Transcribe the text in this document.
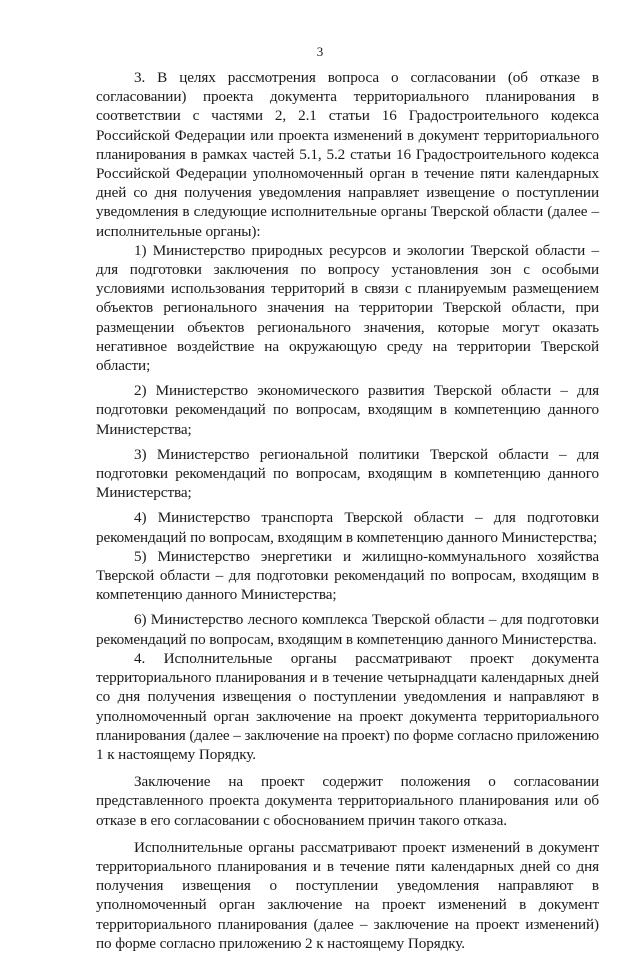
3

3. В целях рассмотрения вопроса о согласовании (об отказе в согласовании) проекта документа территориального планирования в соответствии с частями 2, 2.1 статьи 16 Градостроительного кодекса Российской Федерации или проекта изменений в документ территориального планирования в рамках частей 5.1, 5.2 статьи 16 Градостроительного кодекса Российской Федерации уполномоченный орган в течение пяти календарных дней со дня получения уведомления направляет извещение о поступлении уведомления в следующие исполнительные органы Тверской области (далее – исполнительные органы):

1) Министерство природных ресурсов и экологии Тверской области – для подготовки заключения по вопросу установления зон с особыми условиями использования территорий в связи с планируемым размещением объектов регионального значения на территории Тверской области, при размещении объектов регионального значения, которые могут оказать негативное воздействие на окружающую среду на территории Тверской области;

2) Министерство экономического развития Тверской области – для подготовки рекомендаций по вопросам, входящим в компетенцию данного Министерства;

3) Министерство региональной политики Тверской области – для подготовки рекомендаций по вопросам, входящим в компетенцию данного Министерства;

4) Министерство транспорта Тверской области – для подготовки рекомендаций по вопросам, входящим в компетенцию данного Министерства;

5) Министерство энергетики и жилищно-коммунального хозяйства Тверской области – для подготовки рекомендаций по вопросам, входящим в компетенцию данного Министерства;

6) Министерство лесного комплекса Тверской области – для подготовки рекомендаций по вопросам, входящим в компетенцию данного Министерства.

4. Исполнительные органы рассматривают проект документа территориального планирования и в течение четырнадцати календарных дней со дня получения извещения о поступлении уведомления и направляют в уполномоченный орган заключение на проект документа территориального планирования (далее – заключение на проект) по форме согласно приложению 1 к настоящему Порядку.

Заключение на проект содержит положения о согласовании представленного проекта документа территориального планирования или об отказе в его согласовании с обоснованием причин такого отказа.

Исполнительные органы рассматривают проект изменений в документ территориального планирования и в течение пяти календарных дней со дня получения извещения о поступлении уведомления направляют в уполномоченный орган заключение на проект изменений в документ территориального планирования (далее – заключение на проект изменений) по форме согласно приложению 2 к настоящему Порядку.
